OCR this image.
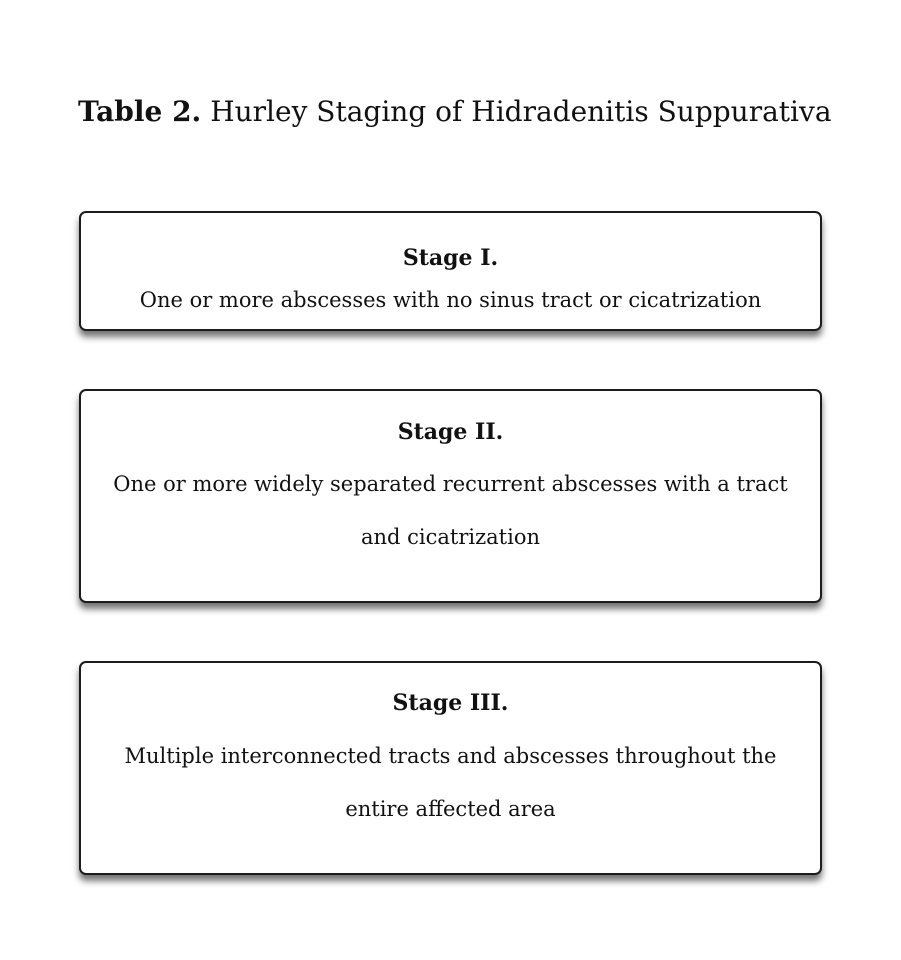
Table 2. Hurley Staging of Hidradenitis Suppurativa
Stage I.
One or more abscesses with no sinus tract or cicatrization
Stage II.
One or more widely separated recurrent abscesses with a tract and cicatrization
Stage III.
Multiple interconnected tracts and abscesses throughout the entire affected area
